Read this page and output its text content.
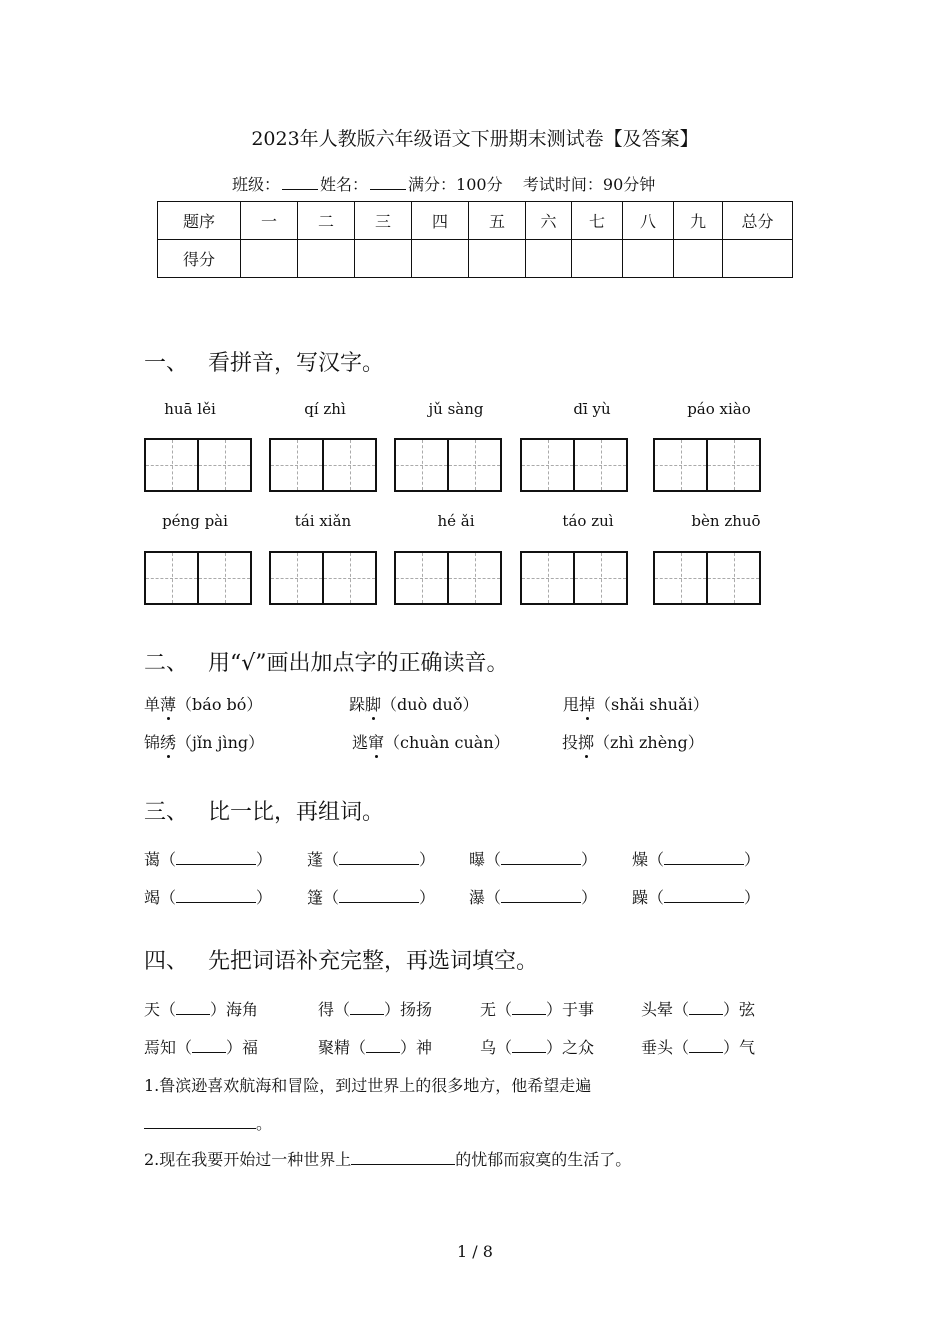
2023年人教版六年级语文下册期末测试卷【及答案】
班级：	姓名：	满分：100分 考试时间：90分钟
题序	一	二	三	四	五	六	七	八	九	总分
得分										
一、 看拼音，写汉字。
huā lěi	qí zhì	jǔ sàng	dī yù	páo xiào
péng pài	tái xiǎn	hé ǎi	táo zuì	bèn zhuō
二、 用“√”画出加点字的正确读音。
单薄（báo bó）	跺脚（duò duǒ）	甩掉（shǎi shuǎi）
锦绣（jǐn jìng）	逃窜（chuàn cuàn）	投掷（zhì zhèng）
三、 比一比，再组词。
蔼（	） 蓬（	） 曝（	） 燥（	）
竭（	） 篷（	） 瀑（	） 躁（	）
四、 先把词语补充完整，再选词填空。
天（ ）海角	得（ ）扬扬	无（ ）于事	头晕（ ）弦
焉知（ ）福	聚精（ ）神	乌（ ）之众	垂头（ ）气
1.鲁滨逊喜欢航海和冒险，到过世界上的很多地方，他希望走遍
。
2.现在我要开始过一种世界上	的忧郁而寂寞的生活了。
1 / 8
